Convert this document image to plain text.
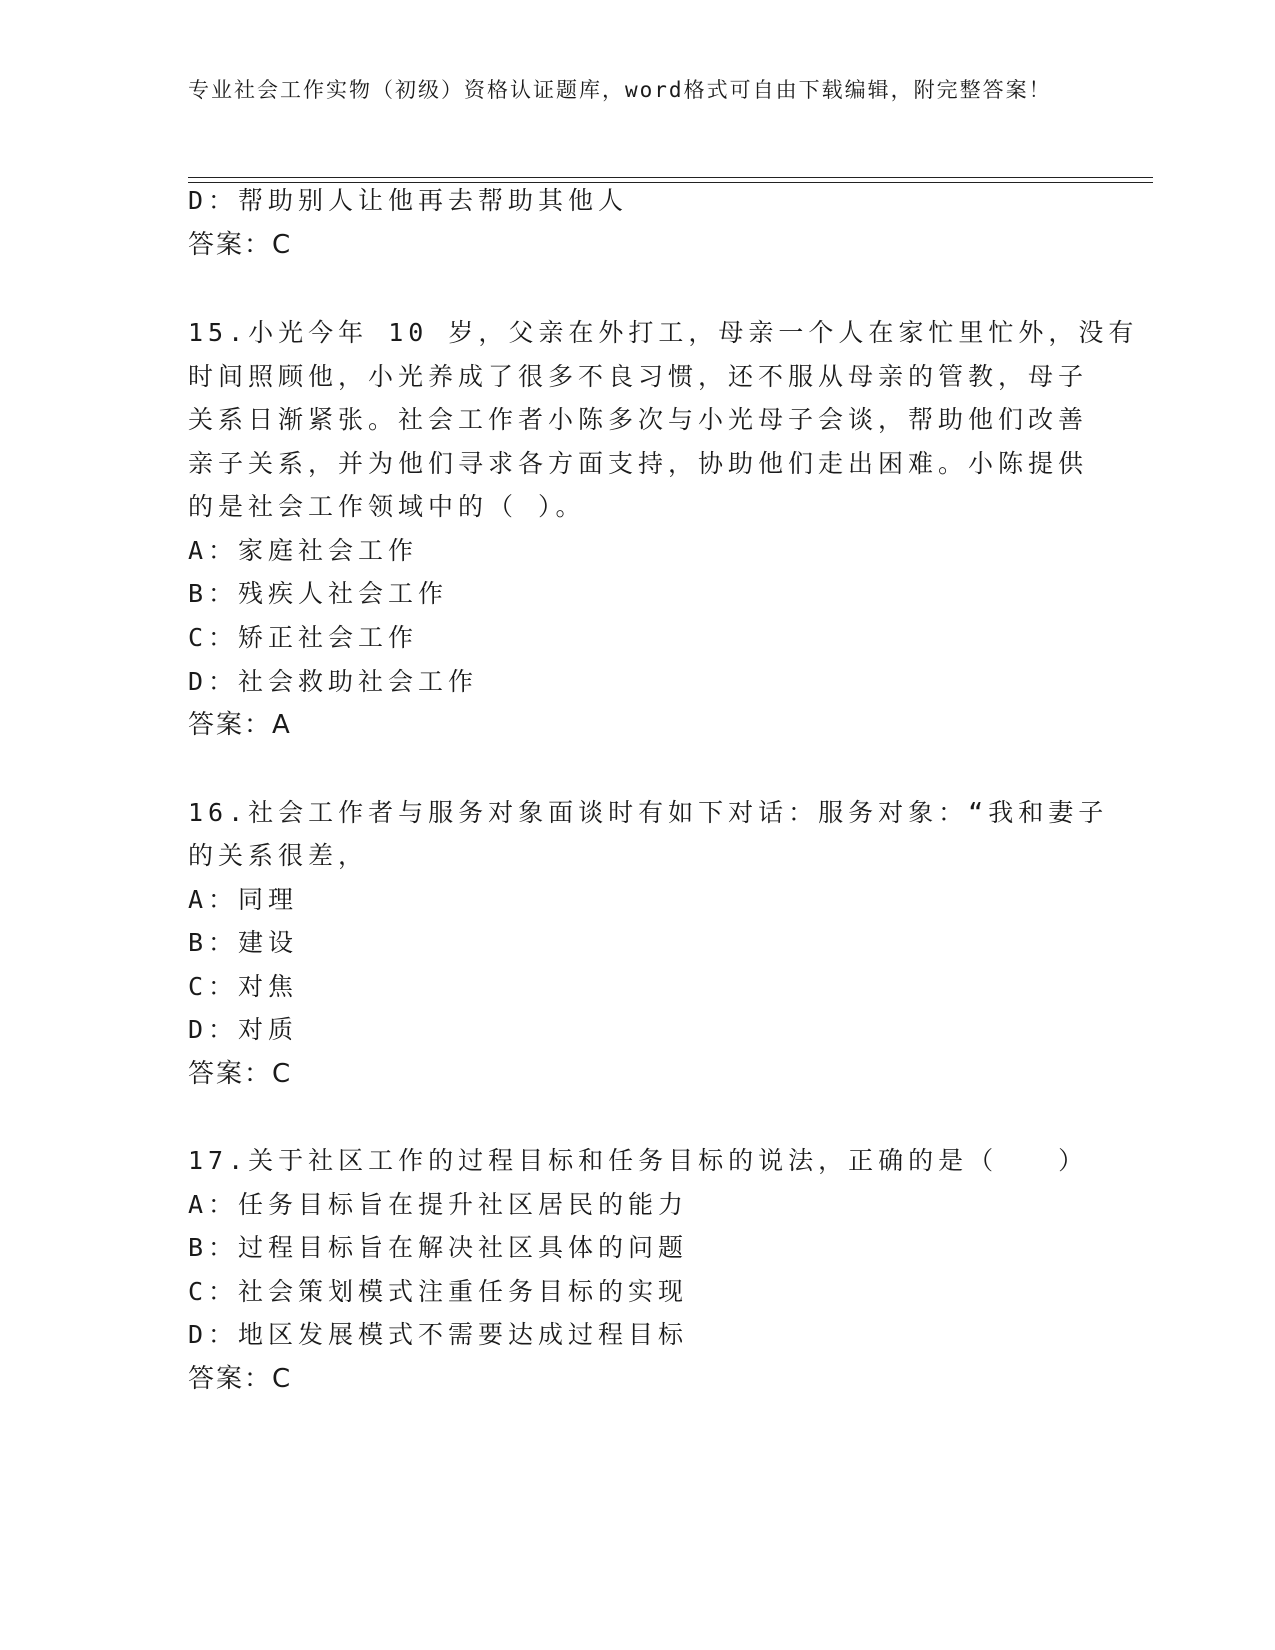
专业社会工作实物（初级）资格认证题库，word格式可自由下载编辑，附完整答案！
D：帮助别人让他再去帮助其他人
答案：C
15.小光今年 10 岁，父亲在外打工，母亲一个人在家忙里忙外，没有
时间照顾他，小光养成了很多不良习惯，还不服从母亲的管教，母子
关系日渐紧张。社会工作者小陈多次与小光母子会谈，帮助他们改善
亲子关系，并为他们寻求各方面支持，协助他们走出困难。小陈提供
的是社会工作领域中的（ ）。
A：家庭社会工作
B：残疾人社会工作
C：矫正社会工作
D：社会救助社会工作
答案：A
16.社会工作者与服务对象面谈时有如下对话：服务对象：“我和妻子
的关系很差，
A：同理
B：建设
C：对焦
D：对质
答案：C
17.关于社区工作的过程目标和任务目标的说法，正确的是（　　）
A：任务目标旨在提升社区居民的能力
B：过程目标旨在解决社区具体的问题
C：社会策划模式注重任务目标的实现
D：地区发展模式不需要达成过程目标
答案：C
